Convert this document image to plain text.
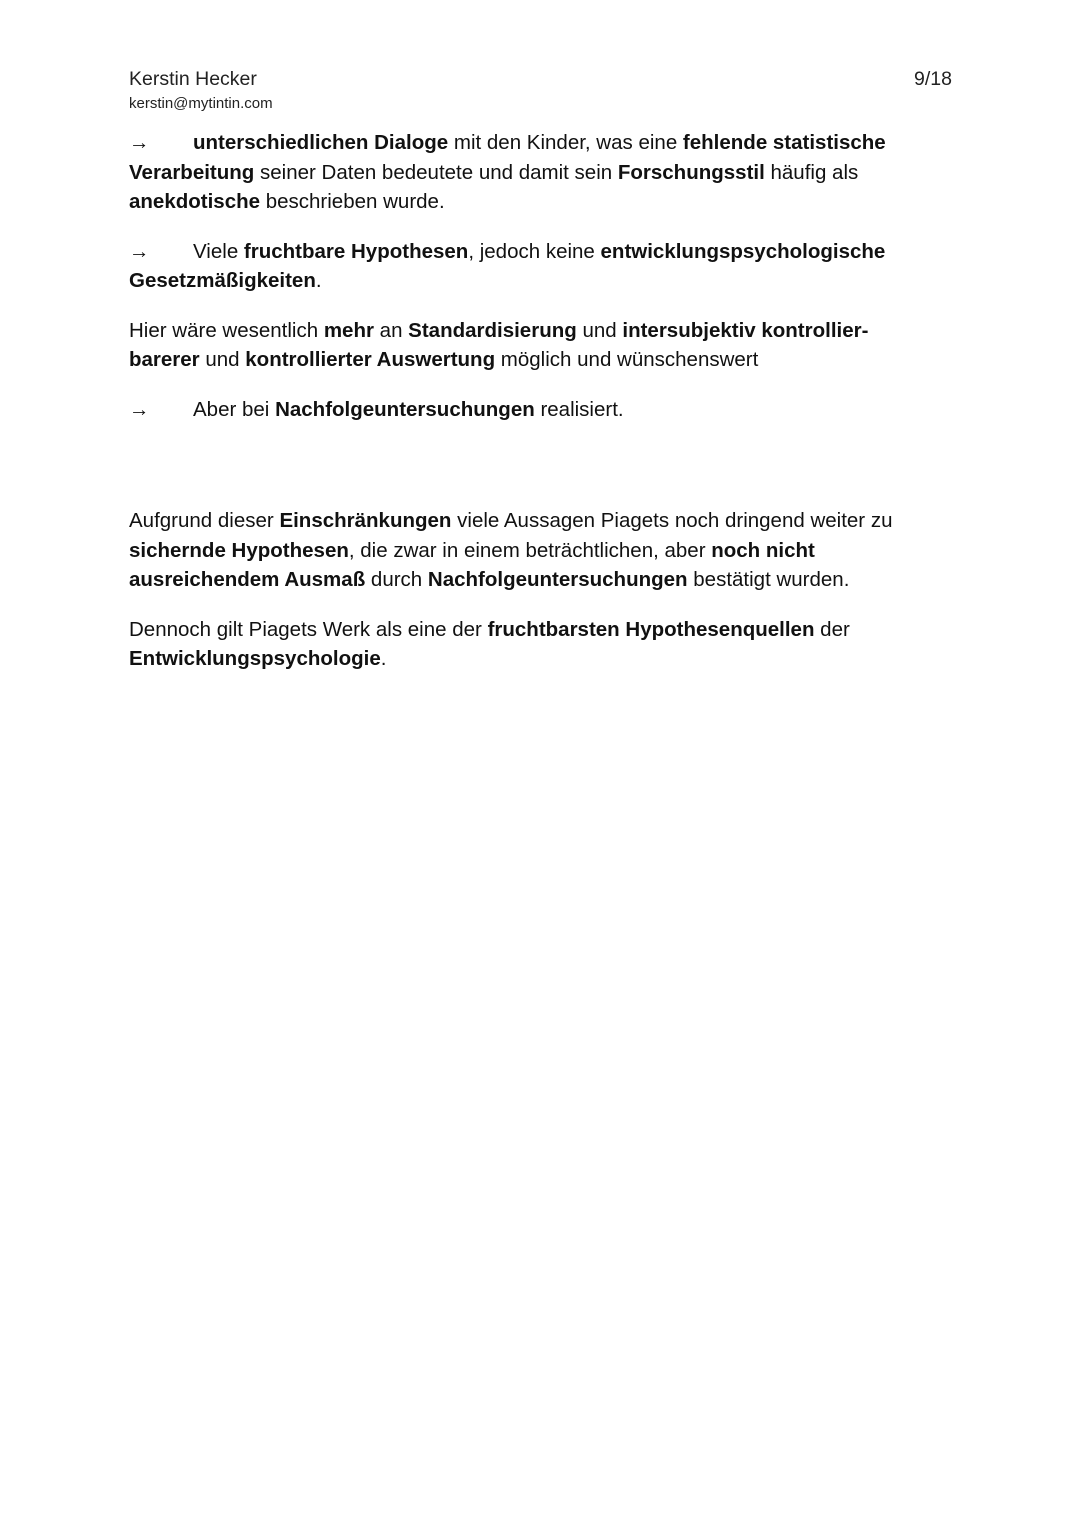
Kerstin Hecker
kerstin@mytintin.com
9/18

→ unterschiedlichen Dialoge mit den Kinder, was eine fehlende statistische Verarbeitung seiner Daten bedeutete und damit sein Forschungsstil häufig als anekdotische beschrieben wurde.

→ Viele fruchtbare Hypothesen, jedoch keine entwicklungspsychologische Gesetzmäßigkeiten.

Hier wäre wesentlich mehr an Standardisierung und intersubjektiv kontrollier-barerer und kontrollierter Auswertung möglich und wünschenswert

→ Aber bei Nachfolgeuntersuchungen realisiert.

Aufgrund dieser Einschränkungen viele Aussagen Piagets noch dringend weiter zu sichernde Hypothesen, die zwar in einem beträchtlichen, aber noch nicht ausreichendem Ausmaß durch Nachfolgeuntersuchungen bestätigt wurden.

Dennoch gilt Piagets Werk als eine der fruchtbarsten Hypothesenquellen der Entwicklungspsychologie.
